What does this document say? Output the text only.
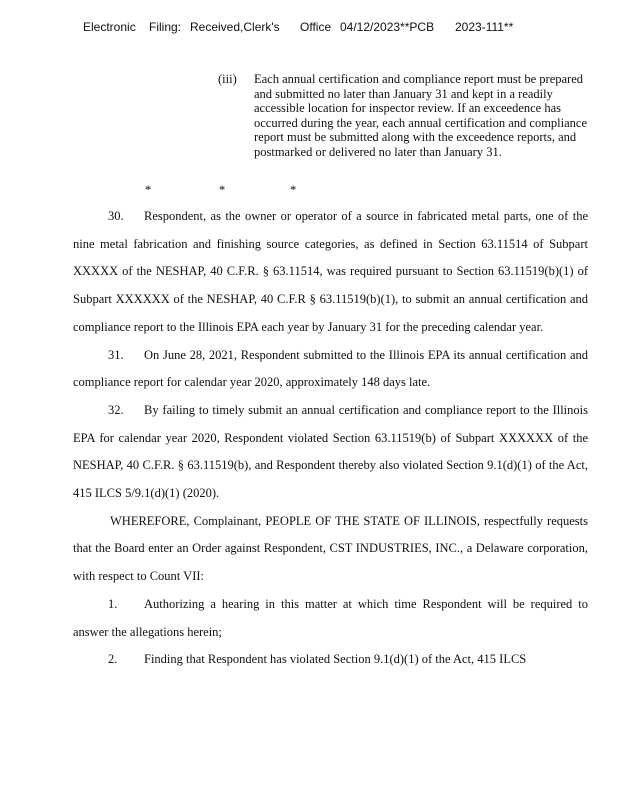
Electronic Filing: Received,Clerk's Office 04/12/2023**PCB 2023-111**
(iii) Each annual certification and compliance report must be prepared and submitted no later than January 31 and kept in a readily accessible location for inspector review. If an exceedence has occurred during the year, each annual certification and compliance report must be submitted along with the exceedence reports, and postmarked or delivered no later than January 31.
*	*	*

30. Respondent, as the owner or operator of a source in fabricated metal parts, one of the nine metal fabrication and finishing source categories, as defined in Section 63.11514 of Subpart XXXXX of the NESHAP, 40 C.F.R. § 63.11514, was required pursuant to Section 63.11519(b)(1) of Subpart XXXXXX of the NESHAP, 40 C.F.R § 63.11519(b)(1), to submit an annual certification and compliance report to the Illinois EPA each year by January 31 for the preceding calendar year.

31. On June 28, 2021, Respondent submitted to the Illinois EPA its annual certification and compliance report for calendar year 2020, approximately 148 days late.

32. By failing to timely submit an annual certification and compliance report to the Illinois EPA for calendar year 2020, Respondent violated Section 63.11519(b) of Subpart XXXXXX of the NESHAP, 40 C.F.R. § 63.11519(b), and Respondent thereby also violated Section 9.1(d)(1) of the Act, 415 ILCS 5/9.1(d)(1) (2020).

WHEREFORE, Complainant, PEOPLE OF THE STATE OF ILLINOIS, respectfully requests that the Board enter an Order against Respondent, CST INDUSTRIES, INC., a Delaware corporation, with respect to Count VII:

1. Authorizing a hearing in this matter at which time Respondent will be required to answer the allegations herein;

2. Finding that Respondent has violated Section 9.1(d)(1) of the Act, 415 ILCS
